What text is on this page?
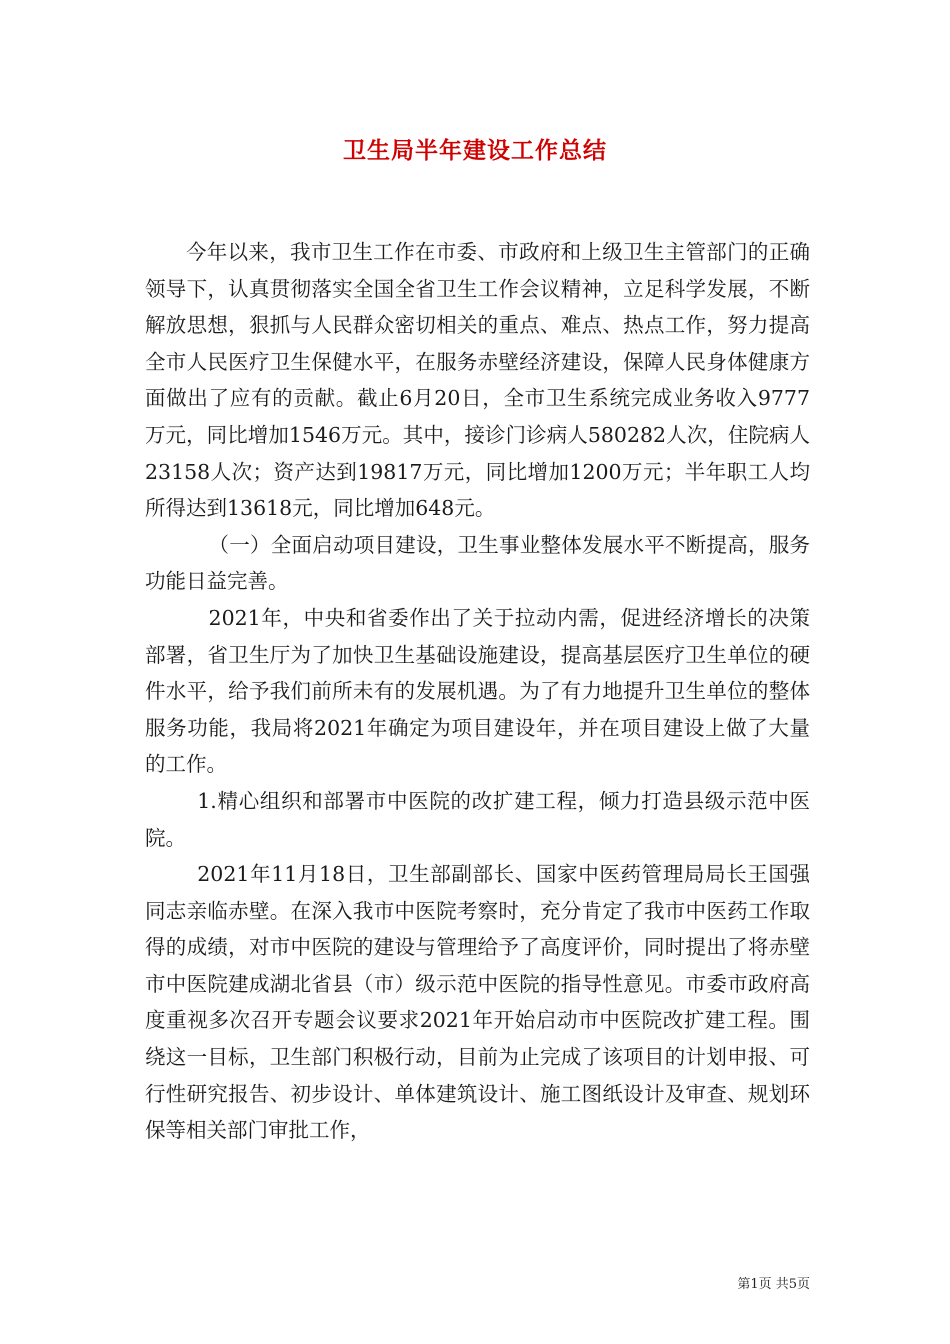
卫生局半年建设工作总结

今年以来，我市卫生工作在市委、市政府和上级卫生主管部门的正确领导下，认真贯彻落实全国全省卫生工作会议精神，立足科学发展，不断解放思想，狠抓与人民群众密切相关的重点、难点、热点工作，努力提高全市人民医疗卫生保健水平，在服务赤壁经济建设，保障人民身体健康方面做出了应有的贡献。截止6月20日，全市卫生系统完成业务收入9777万元，同比增加1546万元。其中，接诊门诊病人580282人次，住院病人23158人次；资产达到19817万元，同比增加1200万元；半年职工人均所得达到13618元，同比增加648元。

（一）全面启动项目建设，卫生事业整体发展水平不断提高，服务功能日益完善。

2021年，中央和省委作出了关于拉动内需，促进经济增长的决策部署，省卫生厅为了加快卫生基础设施建设，提高基层医疗卫生单位的硬件水平，给予我们前所未有的发展机遇。为了有力地提升卫生单位的整体服务功能，我局将2021年确定为项目建设年，并在项目建设上做了大量的工作。

1.精心组织和部署市中医院的改扩建工程，倾力打造县级示范中医院。

2021年11月18日，卫生部副部长、国家中医药管理局局长王国强同志亲临赤壁。在深入我市中医院考察时，充分肯定了我市中医药工作取得的成绩，对市中医院的建设与管理给予了高度评价，同时提出了将赤壁市中医院建成湖北省县（市）级示范中医院的指导性意见。市委市政府高度重视多次召开专题会议要求2021年开始启动市中医院改扩建工程。围绕这一目标，卫生部门积极行动，目前为止完成了该项目的计划申报、可行性研究报告、初步设计、单体建筑设计、施工图纸设计及审查、规划环保等相关部门审批工作，

第1页 共5页
